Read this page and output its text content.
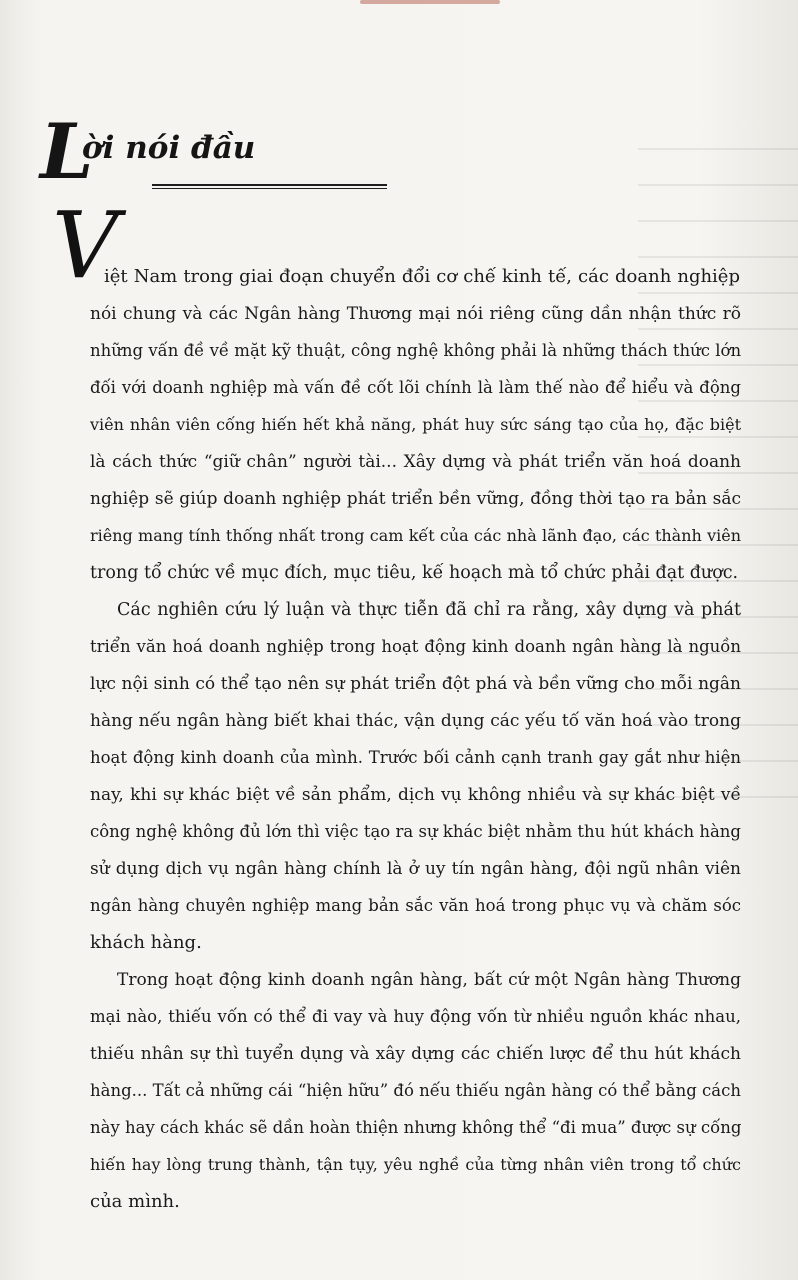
L
ời nói đầu
V

iệt Nam trong giai đoạn chuyển đổi cơ chế kinh tế, các doanh nghiệp

nói chung và các Ngân hàng Thương mại nói riêng cũng dần nhận thức rõ

những vấn đề về mặt kỹ thuật, công nghệ không phải là những thách thức lớn

đối với doanh nghiệp mà vấn đề cốt lõi chính là làm thế nào để hiểu và động

viên nhân viên cống hiến hết khả năng, phát huy sức sáng tạo của họ, đặc biệt

là cách thức “giữ chân” người tài... Xây dựng và phát triển văn hoá doanh

nghiệp sẽ giúp doanh nghiệp phát triển bền vững, đồng thời tạo ra bản sắc

riêng mang tính thống nhất trong cam kết của các nhà lãnh đạo, các thành viên

trong tổ chức về mục đích, mục tiêu, kế hoạch mà tổ chức phải đạt được.

Các nghiên cứu lý luận và thực tiễn đã chỉ ra rằng, xây dựng và phát

triển văn hoá doanh nghiệp trong hoạt động kinh doanh ngân hàng là nguồn

lực nội sinh có thể tạo nên sự phát triển đột phá và bền vững cho mỗi ngân

hàng nếu ngân hàng biết khai thác, vận dụng các yếu tố văn hoá vào trong

hoạt động kinh doanh của mình. Trước bối cảnh cạnh tranh gay gắt như hiện

nay, khi sự khác biệt về sản phẩm, dịch vụ không nhiều và sự khác biệt về

công nghệ không đủ lớn thì việc tạo ra sự khác biệt nhằm thu hút khách hàng

sử dụng dịch vụ ngân hàng chính là ở uy tín ngân hàng, đội ngũ nhân viên

ngân hàng chuyên nghiệp mang bản sắc văn hoá trong phục vụ và chăm sóc

khách hàng.

Trong hoạt động kinh doanh ngân hàng, bất cứ một Ngân hàng Thương

mại nào, thiếu vốn có thể đi vay và huy động vốn từ nhiều nguồn khác nhau,

thiếu nhân sự thì tuyển dụng và xây dựng các chiến lược để thu hút khách

hàng... Tất cả những cái “hiện hữu” đó nếu thiếu ngân hàng có thể bằng cách

này hay cách khác sẽ dần hoàn thiện nhưng không thể “đi mua” được sự cống

hiến hay lòng trung thành, tận tụy, yêu nghề của từng nhân viên trong tổ chức

của mình.
